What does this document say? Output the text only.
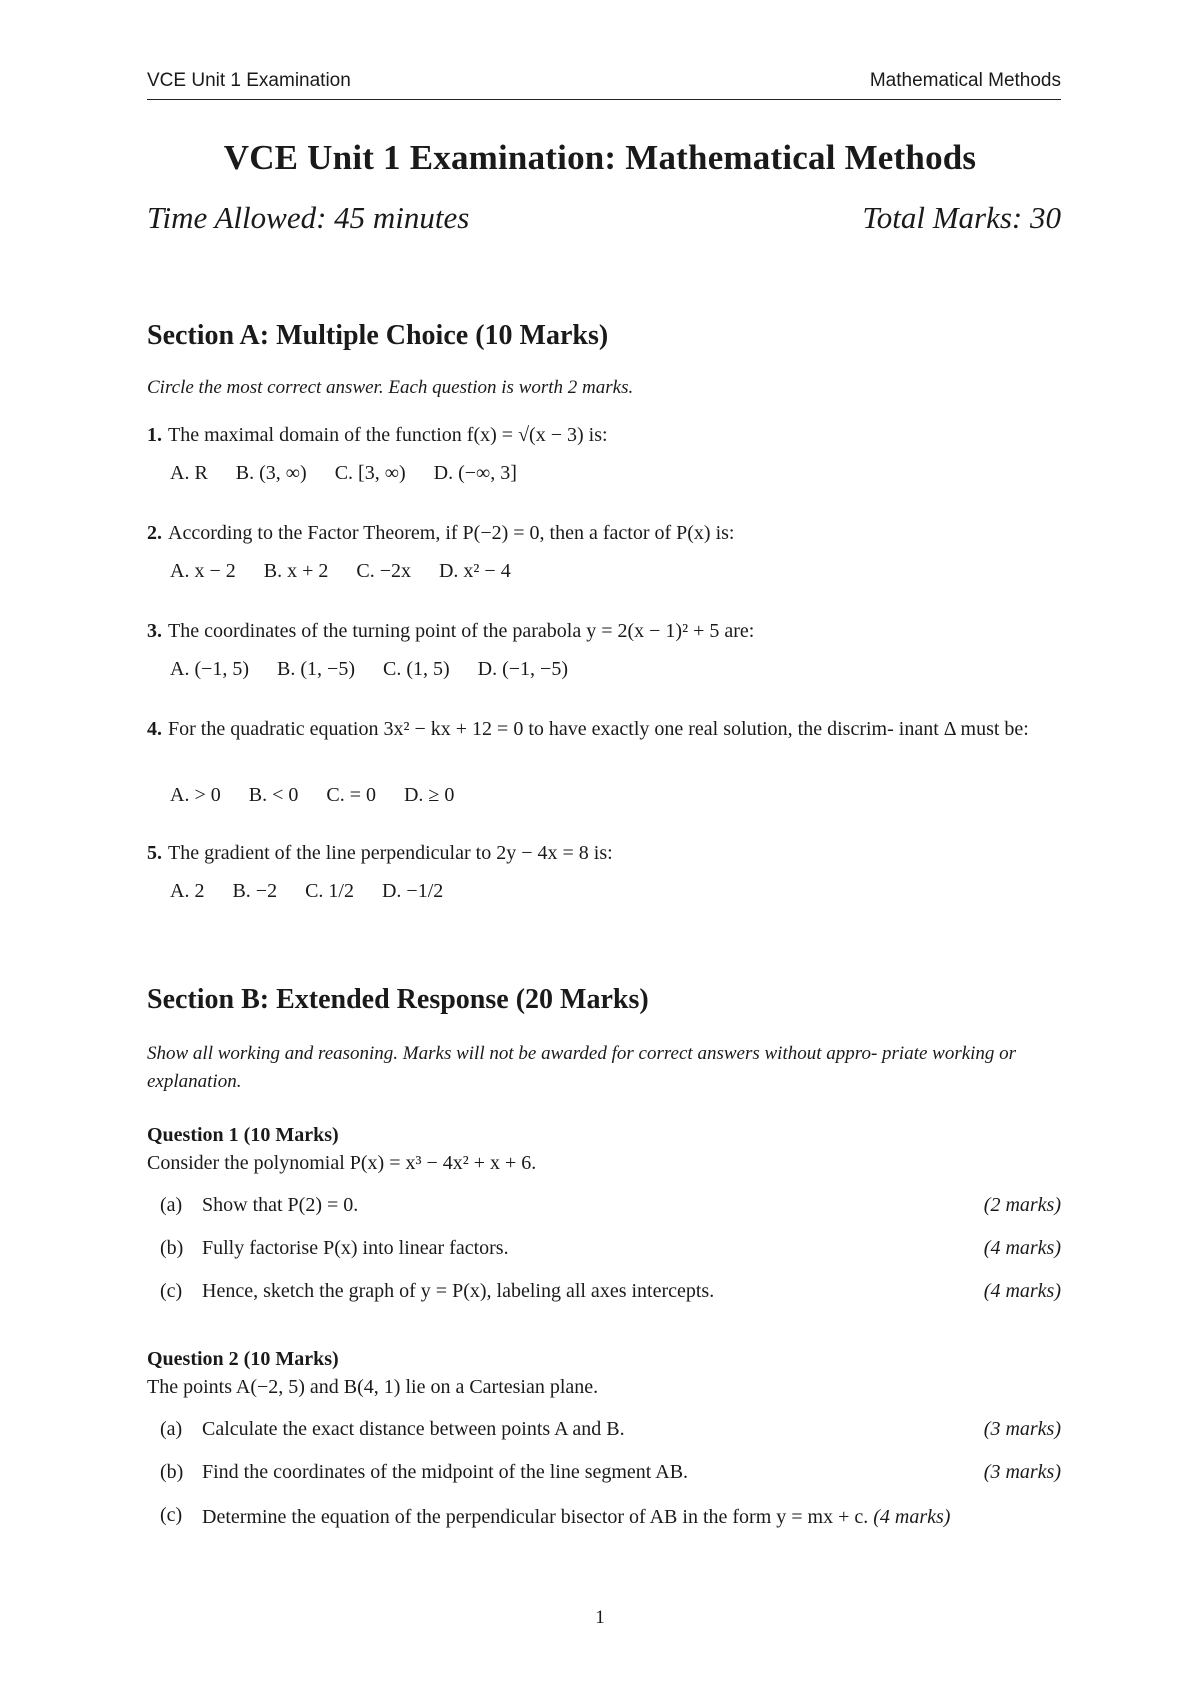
VCE Unit 1 Examination	Mathematical Methods
VCE Unit 1 Examination: Mathematical Methods
Time Allowed: 45 minutes	Total Marks: 30
Section A: Multiple Choice (10 Marks)
Circle the most correct answer. Each question is worth 2 marks.
1. The maximal domain of the function f(x) = √(x − 3) is:
A. R B. (3, ∞) C. [3, ∞) D. (−∞, 3]
2. According to the Factor Theorem, if P(−2) = 0, then a factor of P(x) is:
A. x − 2 B. x + 2 C. −2x D. x² − 4
3. The coordinates of the turning point of the parabola y = 2(x − 1)² + 5 are:
A. (−1, 5) B. (1, −5) C. (1, 5) D. (−1, −5)
4. For the quadratic equation 3x² − kx + 12 = 0 to have exactly one real solution, the discrim- inant Δ must be:
A. > 0 B. < 0 C. = 0 D. ≥ 0
5. The gradient of the line perpendicular to 2y − 4x = 8 is:
A. 2 B. −2 C. 1/2 D. −1/2
Section B: Extended Response (20 Marks)
Show all working and reasoning. Marks will not be awarded for correct answers without appro- priate working or explanation.
Question 1 (10 Marks)
Consider the polynomial P(x) = x³ − 4x² + x + 6.
(a) Show that P(2) = 0.	(2 marks)
(b) Fully factorise P(x) into linear factors.	(4 marks)
(c) Hence, sketch the graph of y = P(x), labeling all axes intercepts.	(4 marks)
Question 2 (10 Marks)
The points A(−2, 5) and B(4, 1) lie on a Cartesian plane.
(a) Calculate the exact distance between points A and B.	(3 marks)
(b) Find the coordinates of the midpoint of the line segment AB.	(3 marks)
(c) Determine the equation of the perpendicular bisector of AB in the form y = mx + c. (4 marks)
1
